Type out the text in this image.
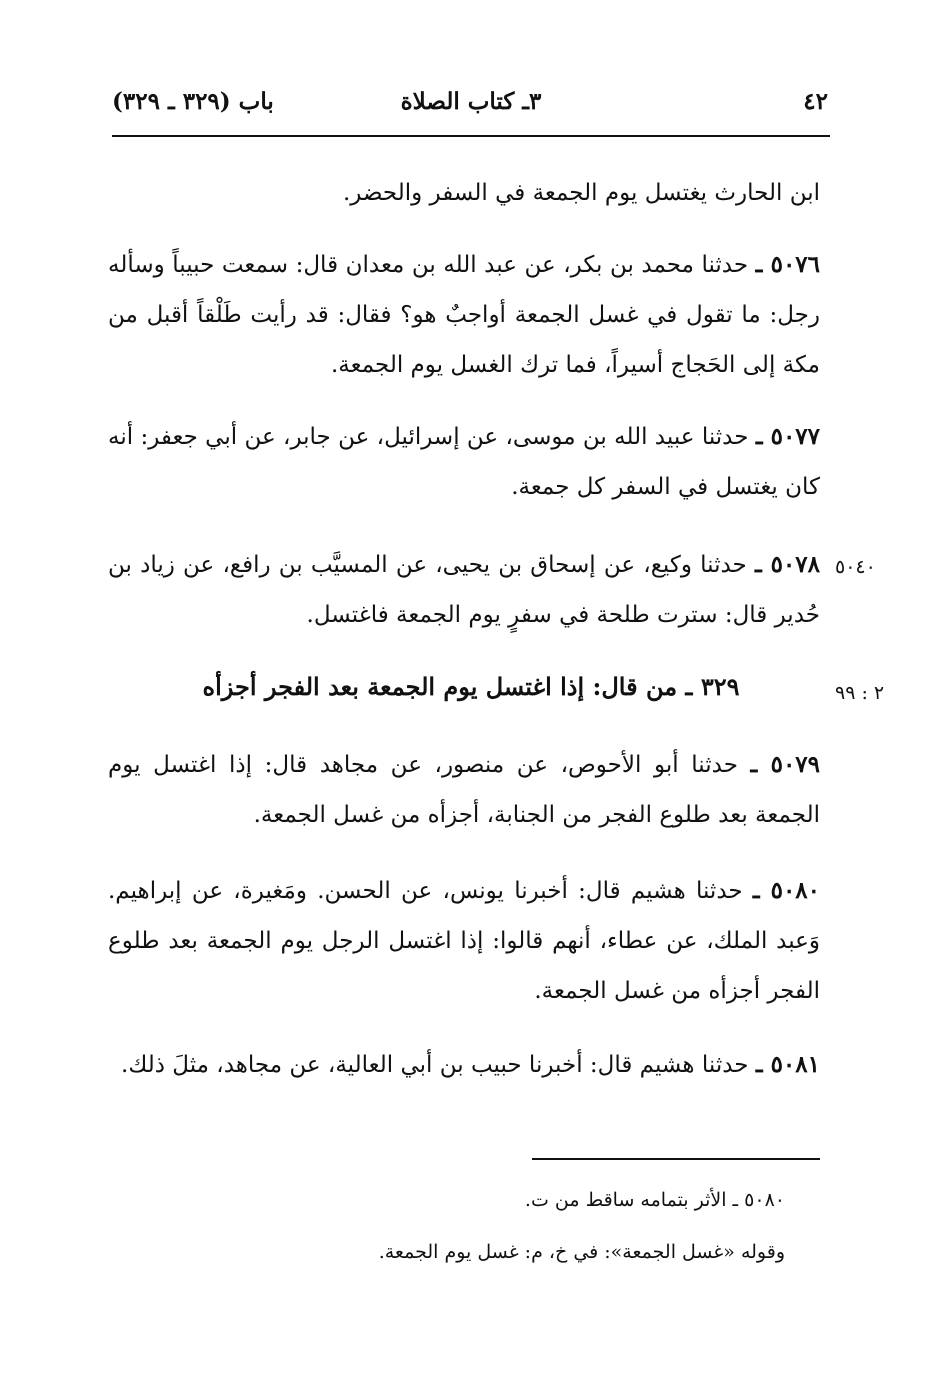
٤٢
٣ـ كتاب الصلاة
باب (٣٢٩ ـ ٣٢٩)
ابن الحارث يغتسل يوم الجمعة في السفر والحضر.
٥٠٧٦ ـ حدثنا محمد بن بكر، عن عبد الله بن معدان قال: سمعت حبيباً وسأله رجل: ما تقول في غسل الجمعة أواجبٌ هو؟ فقال: قد رأيت طَلْقاً أقبل من مكة إلى الحَجاج أسيراً، فما ترك الغسل يوم الجمعة.
٥٠٧٧ ـ حدثنا عبيد الله بن موسى، عن إسرائيل، عن جابر، عن أبي جعفر: أنه كان يغتسل في السفر كل جمعة.
٥٠٤٠
٥٠٧٨ ـ حدثنا وكيع، عن إسحاق بن يحيى، عن المسيَّب بن رافع، عن زياد بن حُدير قال: سترت طلحة في سفرٍ يوم الجمعة فاغتسل.
٢ : ٩٩
٣٢٩ ـ من قال: إذا اغتسل يوم الجمعة بعد الفجر أجزأه
٥٠٧٩ ـ حدثنا أبو الأحوص، عن منصور، عن مجاهد قال: إذا اغتسل يوم الجمعة بعد طلوع الفجر من الجنابة، أجزأه من غسل الجمعة.
٥٠٨٠ ـ حدثنا هشيم قال: أخبرنا يونس، عن الحسن. ومَغيرة، عن إبراهيم. وَعبد الملك، عن عطاء، أنهم قالوا: إذا اغتسل الرجل يوم الجمعة بعد طلوع الفجر أجزأه من غسل الجمعة.
٥٠٨١ ـ حدثنا هشيم قال: أخبرنا حبيب بن أبي العالية، عن مجاهد، مثلَ ذلك.
٥٠٨٠ ـ الأثر بتمامه ساقط من ت.
وقوله «غسل الجمعة»: في خ، م: غسل يوم الجمعة.
